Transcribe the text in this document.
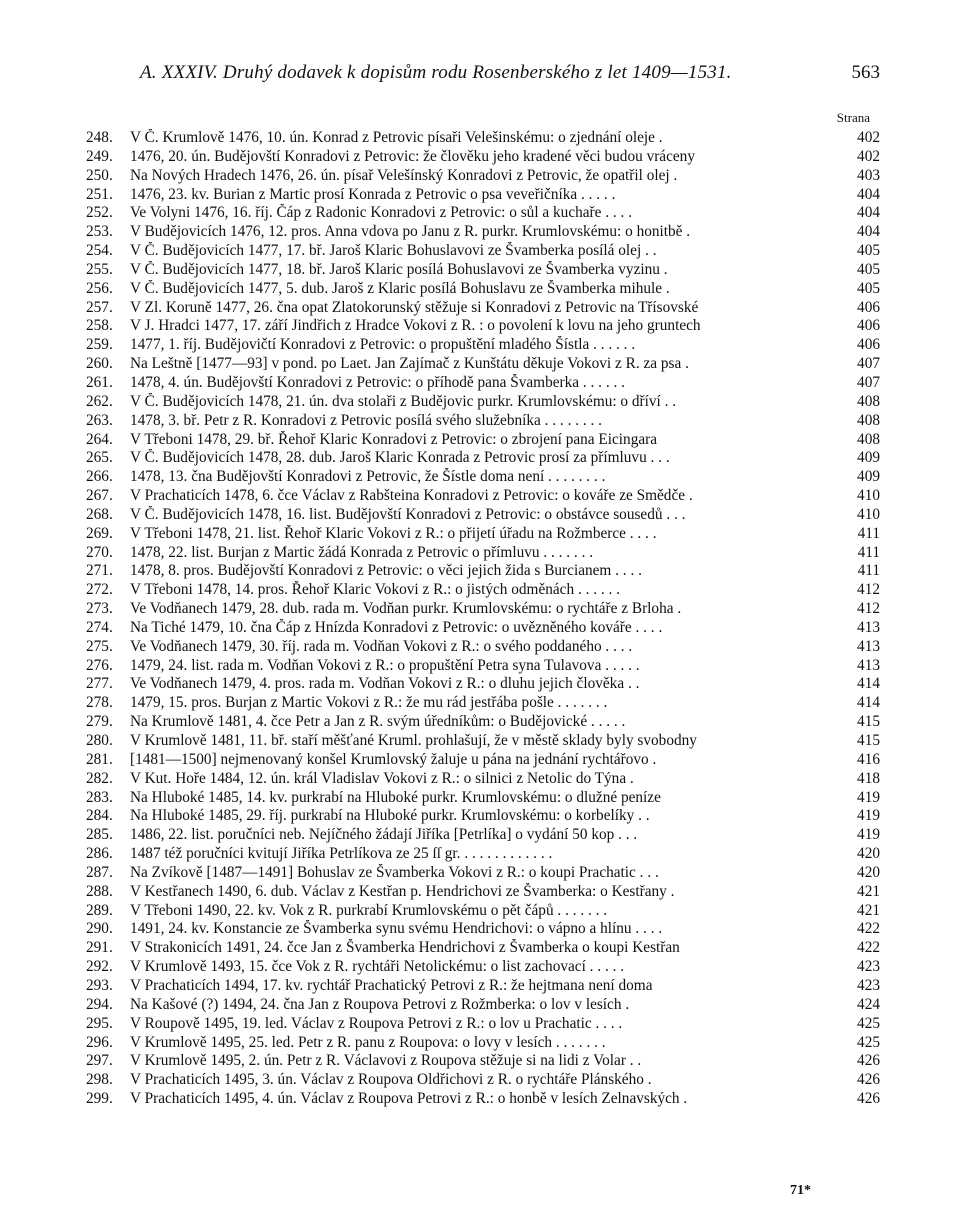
A. XXXIV. Druhý dodavek k dopisům rodu Rosenberského z let 1409—1531.	563
Strana
248.	V Č. Krumlově 1476, 10. ún. Konrad z Petrovic písaři Velešinskému: o zjednání oleje .	402
249.	1476, 20. ún. Budějovští Konradovi z Petrovic: že člověku jeho kradené věci budou vráceny	402
250.	Na Nových Hradech 1476, 26. ún. písař Velešínský Konradovi z Petrovic, že opatřil olej .	403
251.	1476, 23. kv. Burian z Martic prosí Konrada z Petrovic o psa veveřičníka . . . . .	404
252.	Ve Volyni 1476, 16. říj. Čáp z Radonic Konradovi z Petrovic: o sůl a kuchaře . . . .	404
253.	V Budějovicích 1476, 12. pros. Anna vdova po Janu z R. purkr. Krumlovskému: o honitbě .	404
254.	V Č. Budějovicích 1477, 17. bř. Jaroš Klaric Bohuslavovi ze Švamberka posílá olej . .	405
255.	V Č. Budějovicích 1477, 18. bř. Jaroš Klaric posílá Bohuslavovi ze Švamberka vyzinu .	405
256.	V Č. Budějovicích 1477, 5. dub. Jaroš z Klaric posílá Bohuslavu ze Švamberka mihule .	405
257.	V Zl. Koruně 1477, 26. čna opat Zlatokorunský stěžuje si Konradovi z Petrovic na Třísovské	406
258.	V J. Hradci 1477, 17. září Jindřich z Hradce Vokovi z R. : o povolení k lovu na jeho gruntech	406
259.	1477, 1. říj. Budějovičtí Konradovi z Petrovic: o propuštění mladého Šístla . . . . . .	406
260.	Na Leštně [1477—93] v pond. po Laet. Jan Zajímač z Kunštátu děkuje Vokovi z R. za psa .	407
261.	1478, 4. ún. Budějovští Konradovi z Petrovic: o příhodě pana Švamberka . . . . . .	407
262.	V Č. Budějovicích 1478, 21. ún. dva stolaři z Budějovic purkr. Krumlovskému: o dříví . .	408
263.	1478, 3. bř. Petr z R. Konradovi z Petrovic posílá svého služebníka . . . . . . . .	408
264.	V Třeboni 1478, 29. bř. Řehoř Klaric Konradovi z Petrovic: o zbrojení pana Eicingara	408
265.	V Č. Budějovicích 1478, 28. dub. Jaroš Klaric Konrada z Petrovic prosí za přímluvu . . .	409
266.	1478, 13. čna Budějovští Konradovi z Petrovic, že Šístle doma není . . . . . . . .	409
267.	V Prachaticích 1478, 6. čce Václav z Rabšteina Konradovi z Petrovic: o kováře ze Smědče .	410
268.	V Č. Budějovicích 1478, 16. list. Budějovští Konradovi z Petrovic: o obstávce sousedů . . .	410
269.	V Třeboni 1478, 21. list. Řehoř Klaric Vokovi z R.: o přijetí úřadu na Rožmberce . . . .	411
270.	1478, 22. list. Burjan z Martic žádá Konrada z Petrovic o přímluvu . . . . . . .	411
271.	1478, 8. pros. Budějovští Konradovi z Petrovic: o věci jejich žida s Burcianem . . . .	411
272.	V Třeboni 1478, 14. pros. Řehoř Klaric Vokovi z R.: o jistých odměnách . . . . . .	412
273.	Ve Vodňanech 1479, 28. dub. rada m. Vodňan purkr. Krumlovskému: o rychtáře z Brloha .	412
274.	Na Tiché 1479, 10. čna Čáp z Hnízda Konradovi z Petrovic: o uvězněného kováře . . . .	413
275.	Ve Vodňanech 1479, 30. říj. rada m. Vodňan Vokovi z R.: o svého poddaného . . . .	413
276.	1479, 24. list. rada m. Vodňan Vokovi z R.: o propuštění Petra syna Tulavova . . . . .	413
277.	Ve Vodňanech 1479, 4. pros. rada m. Vodňan Vokovi z R.: o dluhu jejich člověka . .	414
278.	1479, 15. pros. Burjan z Martic Vokovi z R.: že mu rád jestřába pošle . . . . . . .	414
279.	Na Krumlově 1481, 4. čce Petr a Jan z R. svým úředníkům: o Budějovické . . . . .	415
280.	V Krumlově 1481, 11. bř. staří měšťané Kruml. prohlašují, že v městě sklady byly svobodny	415
281.	[1481—1500] nejmenovaný konšel Krumlovský žaluje u pána na jednání rychtářovo .	416
282.	V Kut. Hoře 1484, 12. ún. král Vladislav Vokovi z R.: o silnici z Netolic do Týna .	418
283.	Na Hluboké 1485, 14. kv. purkrabí na Hluboké purkr. Krumlovskému: o dlužné peníze	419
284.	Na Hluboké 1485, 29. říj. purkrabí na Hluboké purkr. Krumlovskému: o korbelíky . .	419
285.	1486, 22. list. poručníci neb. Nejíčného žádají Jiříka [Petrlíka] o vydání 50 kop . . .	419
286.	1487 též poručníci kvitují Jiříka Petrlíkova ze 25 ſſ gr. . . . . . . . . . . . .	420
287.	Na Zvíkově [1487—1491] Bohuslav ze Švamberka Vokovi z R.: o koupi Prachatic . . .	420
288.	V Kestřanech 1490, 6. dub. Václav z Kestřan p. Hendrichovi ze Švamberka: o Kestřany .	421
289.	V Třeboni 1490, 22. kv. Vok z R. purkrabí Krumlovskému o pět čápů . . . . . . .	421
290.	1491, 24. kv. Konstancie ze Švamberka synu svému Hendrichovi: o vápno a hlínu . . . .	422
291.	V Strakonicích 1491, 24. čce Jan z Švamberka Hendrichovi z Švamberka o koupi Kestřan	422
292.	V Krumlově 1493, 15. čce Vok z R. rychtáři Netolickému: o list zachovací . . . . .	423
293.	V Prachaticích 1494, 17. kv. rychtář Prachatický Petrovi z R.: že hejtmana není doma	423
294.	Na Kašové (?) 1494, 24. čna Jan z Roupova Petrovi z Rožmberka: o lov v lesích .	424
295.	V Roupově 1495, 19. led. Václav z Roupova Petrovi z R.: o lov u Prachatic . . . .	425
296.	V Krumlově 1495, 25. led. Petr z R. panu z Roupova: o lovy v lesích . . . . . . .	425
297.	V Krumlově 1495, 2. ún. Petr z R. Václavovi z Roupova stěžuje si na lidi z Volar . .	426
298.	V Prachaticích 1495, 3. ún. Václav z Roupova Oldřichovi z R. o rychtáře Plánského .	426
299.	V Prachaticích 1495, 4. ún. Václav z Roupova Petrovi z R.: o honbě v lesích Zelnavských .	426
71*
